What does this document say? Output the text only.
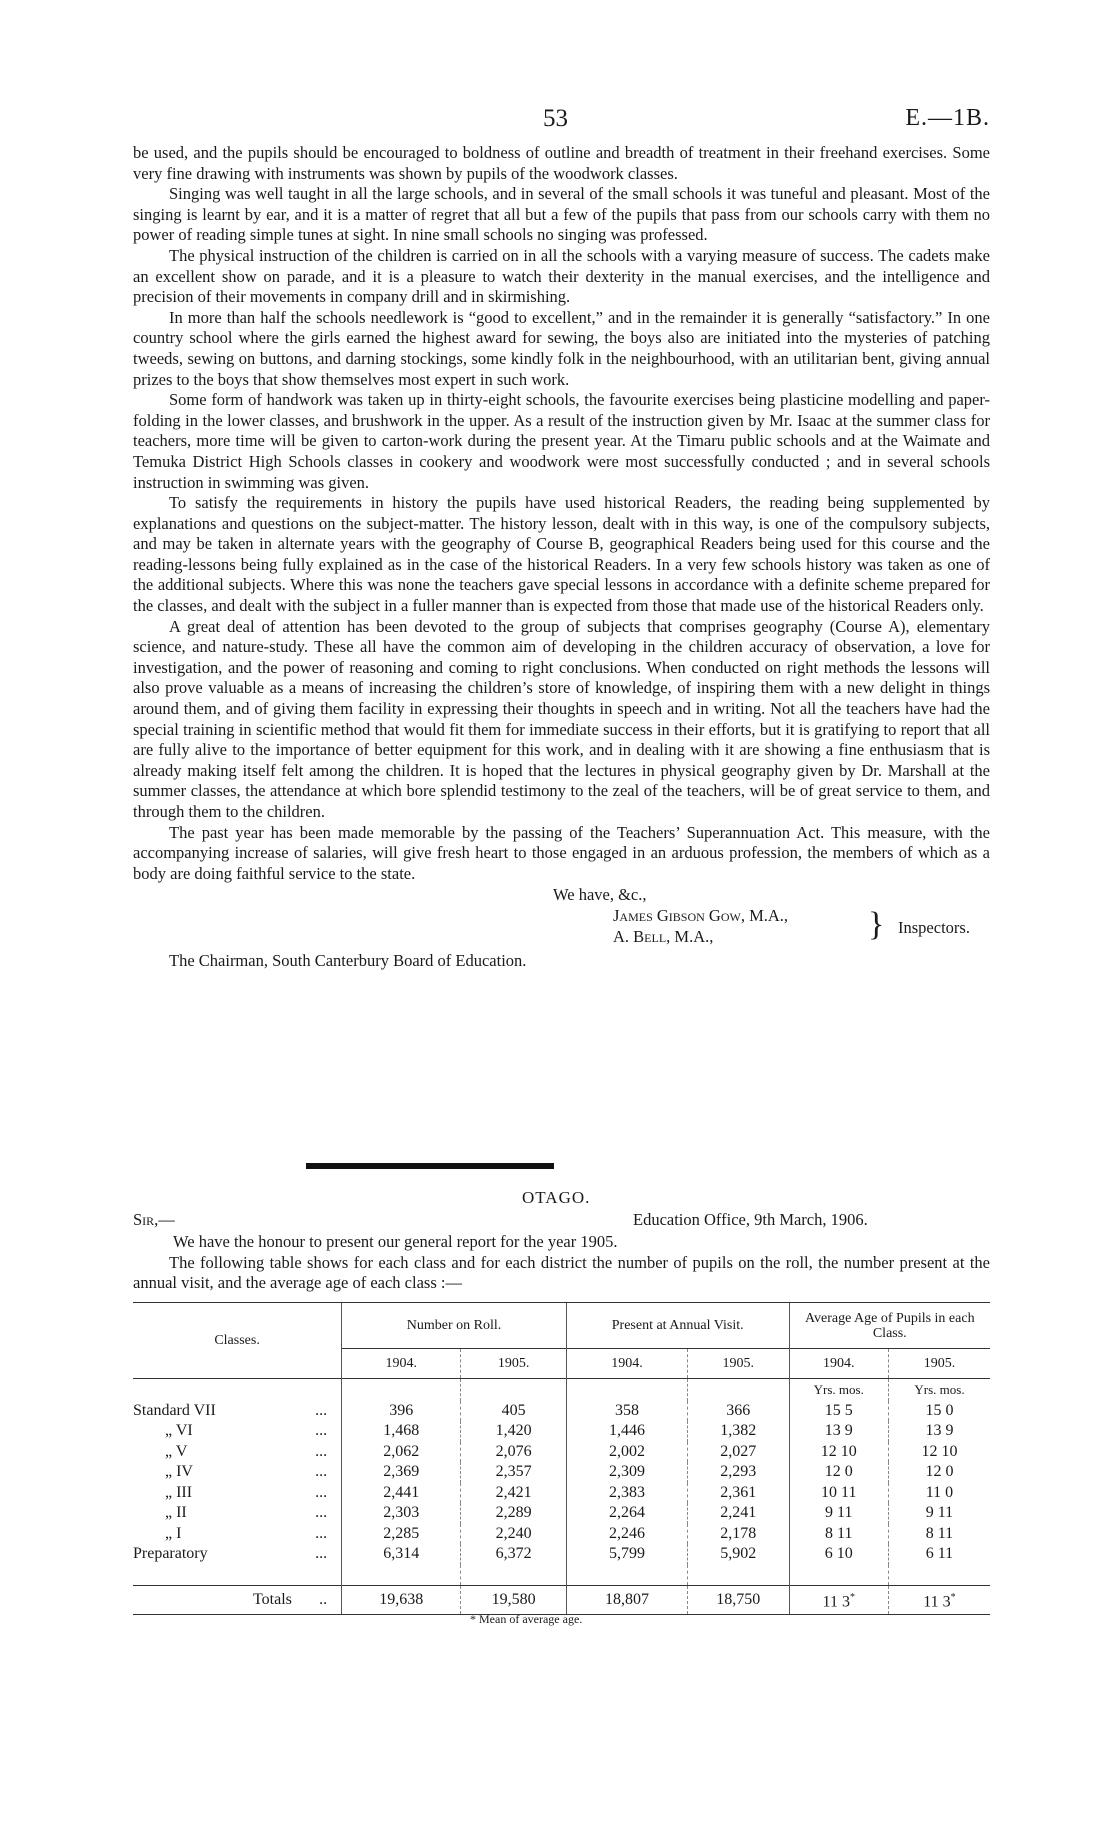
53	E.—1B.

be used, and the pupils should be encouraged to boldness of outline and breadth of treatment in their freehand exercises. Some very fine drawing with instruments was shown by pupils of the woodwork classes.

Singing was well taught in all the large schools, and in several of the small schools it was tuneful and pleasant. Most of the singing is learnt by ear, and it is a matter of regret that all but a few of the pupils that pass from our schools carry with them no power of reading simple tunes at sight. In nine small schools no singing was professed.

The physical instruction of the children is carried on in all the schools with a varying measure of success. The cadets make an excellent show on parade, and it is a pleasure to watch their dexterity in the manual exercises, and the intelligence and precision of their movements in company drill and in skirmishing.

In more than half the schools needlework is “good to excellent,” and in the remainder it is generally “satisfactory.” In one country school where the girls earned the highest award for sewing, the boys also are initiated into the mysteries of patching tweeds, sewing on buttons, and darning stockings, some kindly folk in the neighbourhood, with an utilitarian bent, giving annual prizes to the boys that show themselves most expert in such work.

Some form of handwork was taken up in thirty-eight schools, the favourite exercises being plasticine modelling and paper-folding in the lower classes, and brushwork in the upper. As a result of the instruction given by Mr. Isaac at the summer class for teachers, more time will be given to carton-work during the present year. At the Timaru public schools and at the Waimate and Temuka District High Schools classes in cookery and woodwork were most successfully conducted ; and in several schools instruction in swimming was given.

To satisfy the requirements in history the pupils have used historical Readers, the reading being supplemented by explanations and questions on the subject-matter. The history lesson, dealt with in this way, is one of the compulsory subjects, and may be taken in alternate years with the geography of Course B, geographical Readers being used for this course and the reading-lessons being fully explained as in the case of the historical Readers. In a very few schools history was taken as one of the additional subjects. Where this was none the teachers gave special lessons in accordance with a definite scheme prepared for the classes, and dealt with the subject in a fuller manner than is expected from those that made use of the historical Readers only.

A great deal of attention has been devoted to the group of subjects that comprises geography (Course A), elementary science, and nature-study. These all have the common aim of developing in the children accuracy of observation, a love for investigation, and the power of reasoning and coming to right conclusions. When conducted on right methods the lessons will also prove valuable as a means of increasing the children’s store of knowledge, of inspiring them with a new delight in things around them, and of giving them facility in expressing their thoughts in speech and in writing. Not all the teachers have had the special training in scientific method that would fit them for immediate success in their efforts, but it is gratifying to report that all are fully alive to the importance of better equipment for this work, and in dealing with it are showing a fine enthusiasm that is already making itself felt among the children. It is hoped that the lectures in physical geography given by Dr. Marshall at the summer classes, the attendance at which bore splendid testimony to the zeal of the teachers, will be of great service to them, and through them to the children.

The past year has been made memorable by the passing of the Teachers’ Superannuation Act. This measure, with the accompanying increase of salaries, will give fresh heart to those engaged in an arduous profession, the members of which as a body are doing faithful service to the state.

We have, &c.,
James Gibson Gow, M.A.,
A. Bell, M.A.,	} Inspectors.
The Chairman, South Canterbury Board of Education.
OTAGO.
Sir,—	Education Office, 9th March, 1906.

We have the honour to present our general report for the year 1905.

The following table shows for each class and for each district the number of pupils on the roll, the number present at the annual visit, and the average age of each class :—

Classes.		Number on Roll.		Present at Annual Visit.		Average Age of Pupils in each Class.	
		1904.	1905.	1904.	1905.	1904.	1905.
						Yrs. mos.	Yrs. mos.
Standard VII	...	396	405	358	366	15 5	15 0
„ VI	...	1,468	1,420	1,446	1,382	13 9	13 9
„ V	...	2,062	2,076	2,002	2,027	12 10	12 10
„ IV	...	2,369	2,357	2,309	2,293	12 0	12 0
„ III	...	2,441	2,421	2,383	2,361	10 11	11 0
„ II	...	2,303	2,289	2,264	2,241	9 11	9 11
„ I	...	2,285	2,240	2,246	2,178	8 11	8 11
Preparatory	...	6,314	6,372	5,799	5,902	6 10	6 11

Totals	..	19,638	19,580	18,807	18,750	11 3*	11 3*
* Mean of average age.
